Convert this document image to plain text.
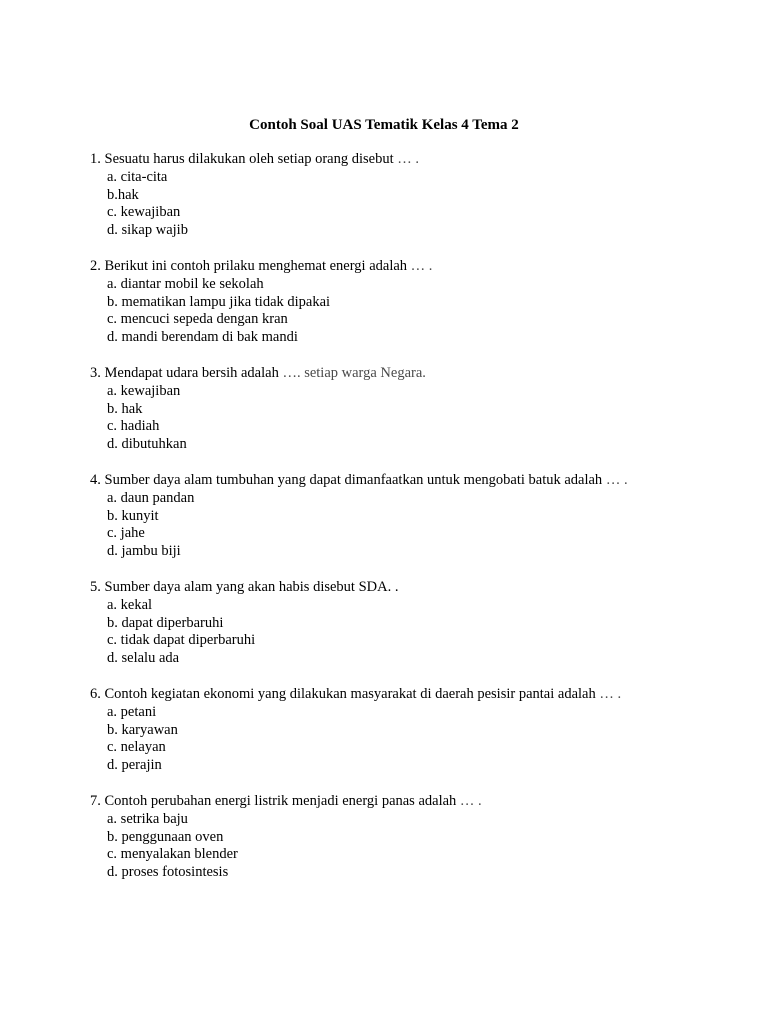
Contoh Soal UAS Tematik Kelas 4 Tema 2
1. Sesuatu harus dilakukan oleh setiap orang disebut … .
a. cita-cita
b.hak
c. kewajiban
d. sikap wajib
2. Berikut ini contoh prilaku menghemat energi adalah … .
a. diantar mobil ke sekolah
b. mematikan lampu jika tidak dipakai
c. mencuci sepeda dengan kran
d. mandi berendam di bak mandi
3. Mendapat udara bersih adalah …. setiap warga Negara.
a. kewajiban
b. hak
c. hadiah
d. dibutuhkan
4. Sumber daya alam tumbuhan yang dapat dimanfaatkan untuk mengobati batuk adalah … .
a. daun pandan
b. kunyit
c. jahe
d. jambu biji
5. Sumber daya alam yang akan habis disebut SDA. .
a. kekal
b. dapat diperbaruhi
c. tidak dapat diperbaruhi
d. selalu ada
6. Contoh kegiatan ekonomi yang dilakukan masyarakat di daerah pesisir pantai adalah … .
a. petani
b. karyawan
c. nelayan
d. perajin
7. Contoh perubahan energi listrik menjadi energi panas adalah … .
a. setrika baju
b. penggunaan oven
c. menyalakan blender
d. proses fotosintesis
